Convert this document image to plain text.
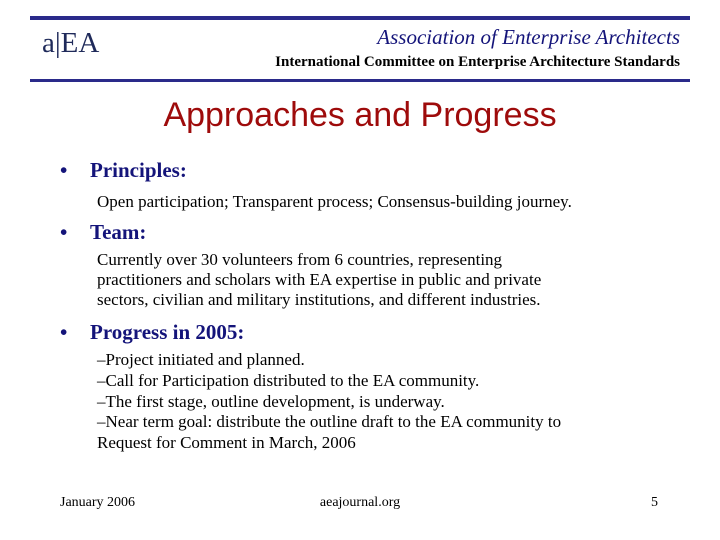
a|EA	Association of Enterprise Architects
International Committee on Enterprise Architecture Standards
Approaches and Progress
•	Principles:
Open participation; Transparent process; Consensus-building journey.
•	Team:
Currently over 30 volunteers from 6 countries, representing
practitioners and scholars with EA expertise in public and private
sectors, civilian and military institutions, and different industries.
•	Progress in 2005:
–Project initiated and planned.
–Call for Participation distributed to the EA community.
–The first stage, outline development, is underway.
–Near term goal: distribute the outline draft to the EA community to
Request for Comment in March, 2006
January 2006	aeajournal.org	5
